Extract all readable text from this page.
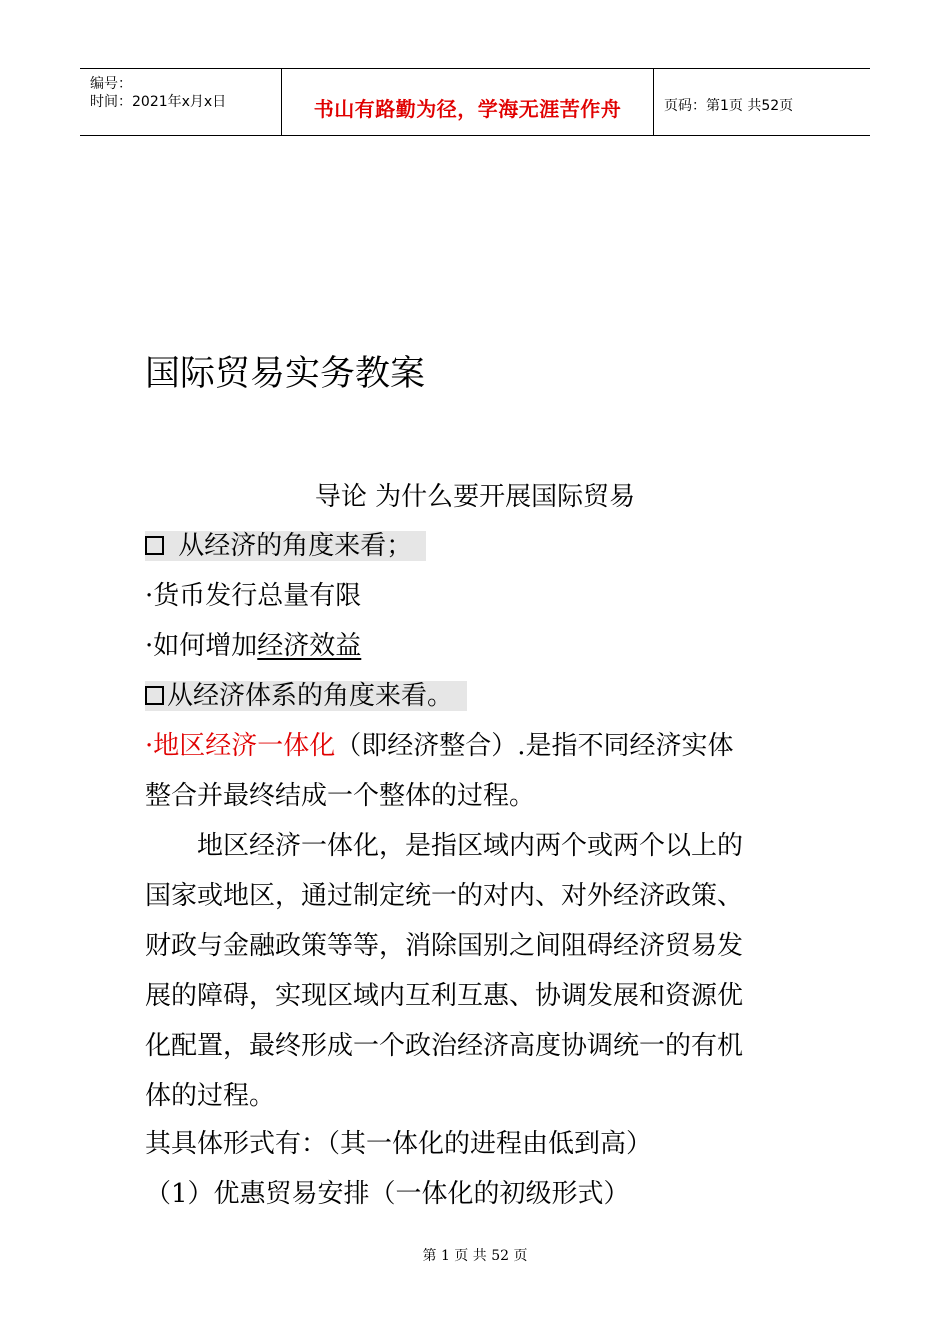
编号：
时间：2021年x月x日	书山有路勤为径，学海无涯苦作舟	页码：第1页 共52页
国际贸易实务教案
导论 为什么要开展国际贸易
从经济的角度来看；
·货币发行总量有限
·如何增加经济效益
从经济体系的角度来看。
·地区经济一体化（即经济整合）.是指不同经济实体
整合并最终结成一个整体的过程。
　　地区经济一体化，是指区域内两个或两个以上的
国家或地区，通过制定统一的对内、对外经济政策、
财政与金融政策等等，消除国别之间阻碍经济贸易发
展的障碍，实现区域内互利互惠、协调发展和资源优
化配置，最终形成一个政治经济高度协调统一的有机
体的过程。
其具体形式有：（其一体化的进程由低到高）
（1）优惠贸易安排（一体化的初级形式）
第 1 页 共 52 页
